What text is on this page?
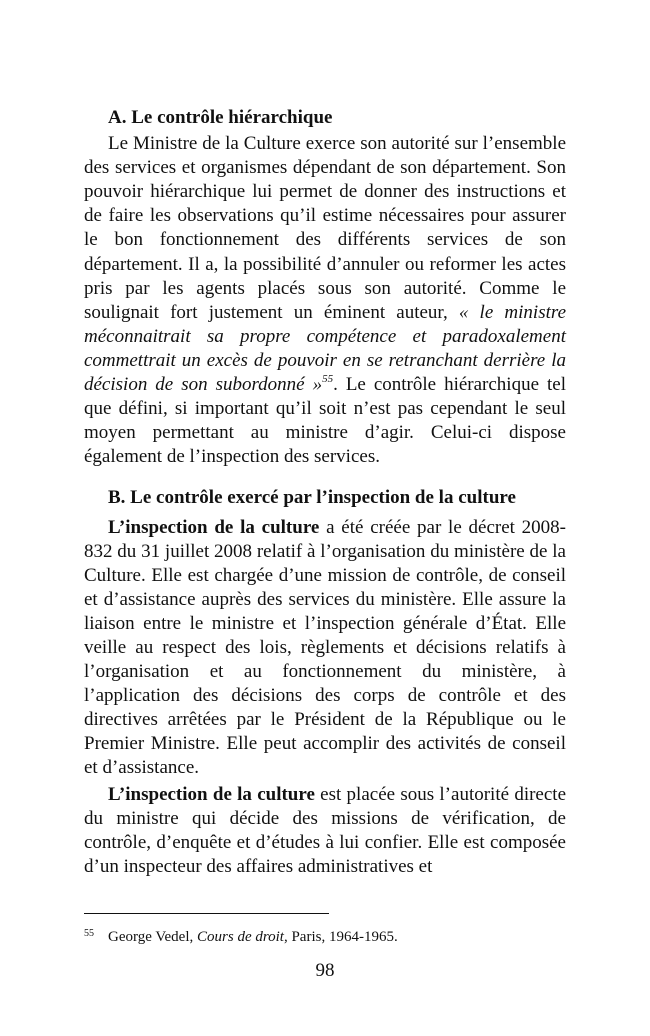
A. Le contrôle hiérarchique

Le Ministre de la Culture exerce son autorité sur l’ensemble des services et organismes dépendant de son département. Son pouvoir hiérarchique lui permet de donner des instructions et de faire les observations qu’il estime nécessaires pour assurer le bon fonctionnement des différents services de son département. Il a, la possibilité d’annuler ou reformer les actes pris par les agents placés sous son autorité. Comme le soulignait fort justement un éminent auteur, « le ministre méconnaitrait sa propre compétence et paradoxalement commettrait un excès de pouvoir en se retranchant derrière la décision de son subordonné »$^{55}$. Le contrôle hiérarchique tel que défini, si important qu’il soit n’est pas cependant le seul moyen permettant au ministre d’agir. Celui-ci dispose également de l’inspection des services.

B. Le contrôle exercé par l’inspection de la culture

L’inspection de la culture a été créée par le décret 2008-832 du 31 juillet 2008 relatif à l’organisation du ministère de la Culture. Elle est chargée d’une mission de contrôle, de conseil et d’assistance auprès des services du ministère. Elle assure la liaison entre le ministre et l’inspection générale d’État. Elle veille au respect des lois, règlements et décisions relatifs à l’organisation et au fonctionnement du ministère, à l’application des décisions des corps de contrôle et des directives arrêtées par le Président de la République ou le Premier Ministre. Elle peut accomplir des activités de conseil et d’assistance.

L’inspection de la culture est placée sous l’autorité directe du ministre qui décide des missions de vérification, de contrôle, d’enquête et d’études à lui confier. Elle est composée d’un inspecteur des affaires administratives et

$^{55}$ George Vedel, Cours de droit, Paris, 1964-1965.
98
